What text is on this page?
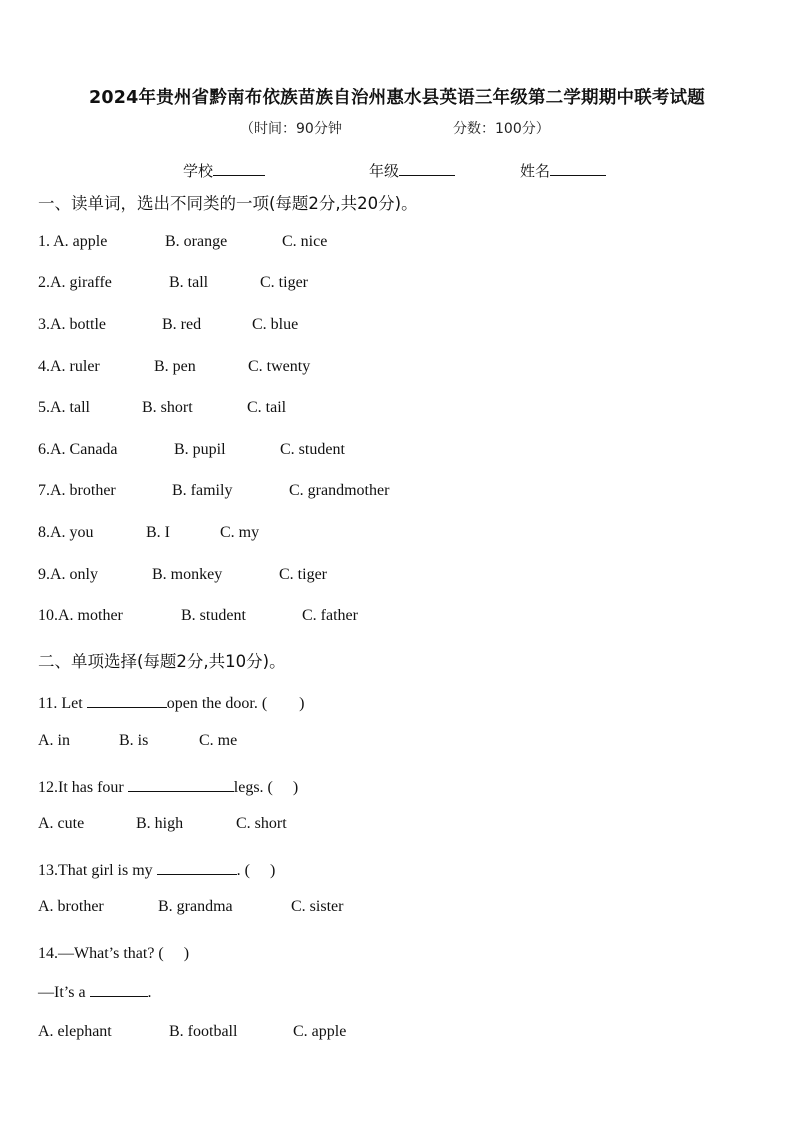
2024年贵州省黔南布依族苗族自治州惠水县英语三年级第二学期期中联考试题
（时间：90分钟	分数：100分）
学校	年级	姓名
一、读单词，选出不同类的一项(每题2分,共20分)。
1. A. apple	B. orange	C. nice
2.A. giraffe	B. tall	C. tiger
3.A. bottle	B. red	C. blue
4.A. ruler	B. pen	C. twenty
5.A. tall	B. short	C. tail
6.A. Canada	B. pupil	C. student
7.A. brother	B. family	C. grandmother
8.A. you	B. I	C. my
9.A. only	B. monkey	C. tiger
10.A. mother	B. student	C. father
二、单项选择(每题2分,共10分)。
11. Let	open the door. (　　)
A. in	B. is	C. me
12.It has four	legs. (　 )
A. cute	B. high	C. short
13.That girl is my	. (　 )
A. brother	B. grandma	C. sister
14.—What’s that? (　 )
—It’s a	.
A. elephant	B. football	C. apple
